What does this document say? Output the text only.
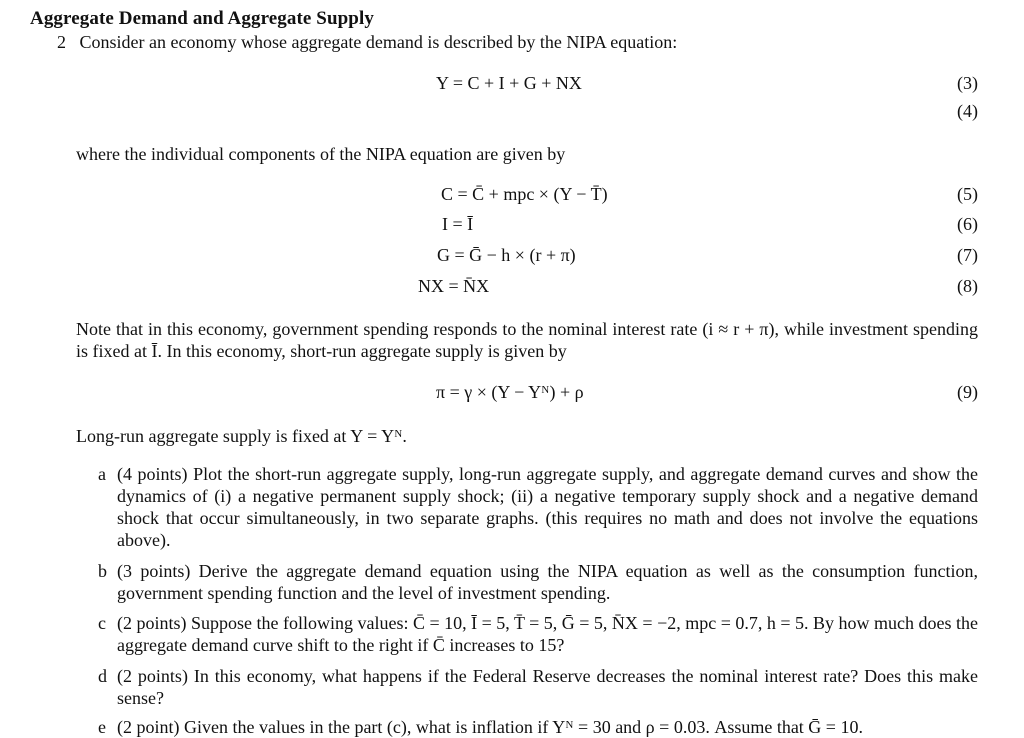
Aggregate Demand and Aggregate Supply
2 Consider an economy whose aggregate demand is described by the NIPA equation:
Y = C + I + G + NX	(3)
(4)
where the individual components of the NIPA equation are given by
C = C̄ + mpc × (Y − T̄)	(5)
I = Ī	(6)
G = Ḡ − h × (r + π)	(7)
NX = N̄X	(8)
Note that in this economy, government spending responds to the nominal interest rate (i ≈ r + π), while investment spending is fixed at Ī. In this economy, short-run aggregate supply is given by
π = γ × (Y − Yᴺ) + ρ	(9)
Long-run aggregate supply is fixed at Y = Yᴺ.
a (4 points) Plot the short-run aggregate supply, long-run aggregate supply, and aggregate demand curves and show the dynamics of (i) a negative permanent supply shock; (ii) a negative temporary supply shock and a negative demand shock that occur simultaneously, in two separate graphs. (this requires no math and does not involve the equations above).
b (3 points) Derive the aggregate demand equation using the NIPA equation as well as the consumption function, government spending function and the level of investment spending.
c (2 points) Suppose the following values: C̄ = 10, Ī = 5, T̄ = 5, Ḡ = 5, N̄X = −2, mpc = 0.7, h = 5. By how much does the aggregate demand curve shift to the right if C̄ increases to 15?
d (2 points) In this economy, what happens if the Federal Reserve decreases the nominal interest rate? Does this make sense?
e (2 point) Given the values in the part (c), what is inflation if Yᴺ = 30 and ρ = 0.03. Assume that Ḡ = 10.
